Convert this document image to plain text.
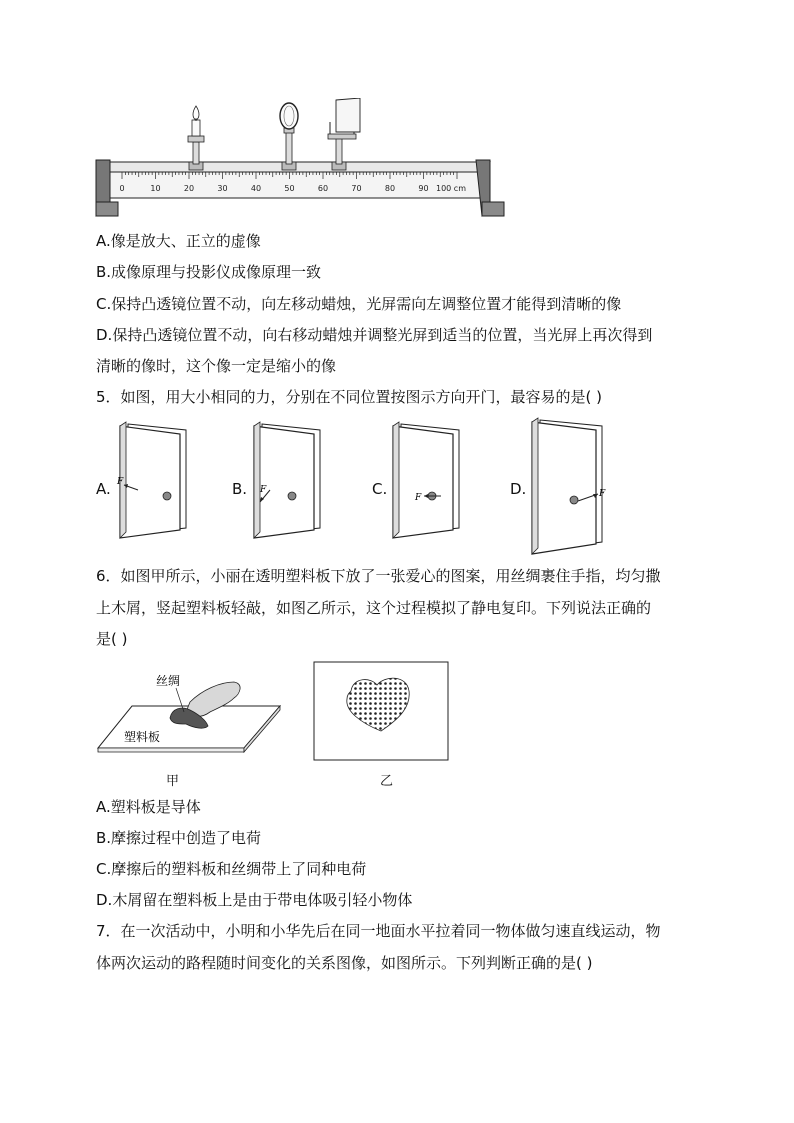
0	10	20	30	40	50	60	70	80	90 100 cm
A.像是放大、正立的虚像
B.成像原理与投影仪成像原理一致
C.保持凸透镜位置不动，向左移动蜡烛，光屏需向左调整位置才能得到清晰的像
D.保持凸透镜位置不动，向右移动蜡烛并调整光屏到适当的位置，当光屏上再次得到
清晰的像时，这个像一定是缩小的像
5．如图，用大小相同的力，分别在不同位置按图示方向开门，最容易的是( )
A. F	B. F	C.	F	D.	F
6．如图甲所示，小丽在透明塑料板下放了一张爱心的图案，用丝绸裹住手指，均匀撒
上木屑，竖起塑料板轻敲，如图乙所示，这个过程模拟了静电复印。下列说法正确的
是( )
丝绸
塑料板
甲	乙
A.塑料板是导体
B.摩擦过程中创造了电荷
C.摩擦后的塑料板和丝绸带上了同种电荷
D.木屑留在塑料板上是由于带电体吸引轻小物体
7．在一次活动中，小明和小华先后在同一地面水平拉着同一物体做匀速直线运动，物
体两次运动的路程随时间变化的关系图像，如图所示。下列判断正确的是( )
